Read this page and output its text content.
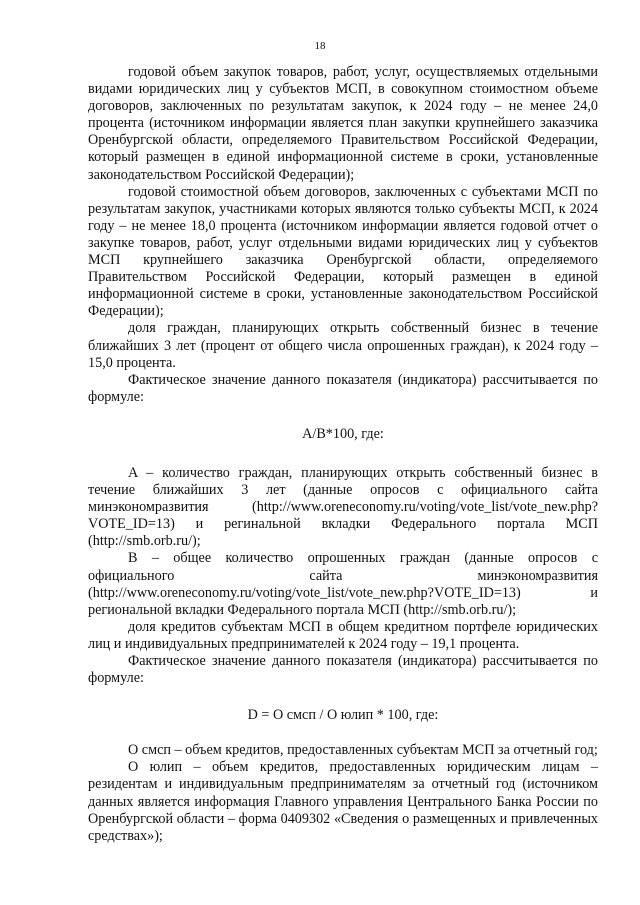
18

годовой объем закупок товаров, работ, услуг, осуществляемых отдельными видами юридических лиц у субъектов МСП, в совокупном стоимостном объеме договоров, заключенных по результатам закупок, к 2024 году – не менее 24,0 процента (источником информации является план закупки крупнейшего заказчика Оренбургской области, определяемого Правительством Российской Федерации, который размещен в единой информационной системе в сроки, установленные законодательством Российской Федерации);

годовой стоимостной объем договоров, заключенных с субъектами МСП по результатам закупок, участниками которых являются только субъекты МСП, к 2024 году – не менее 18,0 процента (источником информации является годовой отчет о закупке товаров, работ, услуг отдельными видами юридических лиц у субъектов МСП крупнейшего заказчика Оренбургской области, определяемого Правительством Российской Федерации, который размещен в единой информационной системе в сроки, установленные законодательством Российской Федерации);

доля граждан, планирующих открыть собственный бизнес в течение ближайших 3 лет (процент от общего числа опрошенных граждан), к 2024 году – 15,0 процента.

Фактическое значение данного показателя (индикатора) рассчитывается по формуле:

A/B*100, где:

A – количество граждан, планирующих открыть собственный бизнес в течение ближайших 3 лет (данные опросов с официального сайта минэкономразвития (http://www.oreneconomy.ru/voting/vote_list/vote_new.php?VOTE_ID=13) и регинальной вкладки Федерального портала МСП (http://smb.orb.ru/);

B – общее количество опрошенных граждан (данные опросов с официального сайта минэкономразвития (http://www.oreneconomy.ru/voting/vote_list/vote_new.php?VOTE_ID=13) и региональной вкладки Федерального портала МСП (http://smb.orb.ru/);

доля кредитов субъектам МСП в общем кредитном портфеле юридических лиц и индивидуальных предпринимателей к 2024 году – 19,1 процента.

Фактическое значение данного показателя (индикатора) рассчитывается по формуле:

D = O смсп / O юлип * 100, где:

O смсп – объем кредитов, предоставленных субъектам МСП за отчетный год;

O юлип – объем кредитов, предоставленных юридическим лицам – резидентам и индивидуальным предпринимателям за отчетный год (источником данных является информация Главного управления Центрального Банка России по Оренбургской области – форма 0409302 «Сведения о размещенных и привлеченных средствах»);
